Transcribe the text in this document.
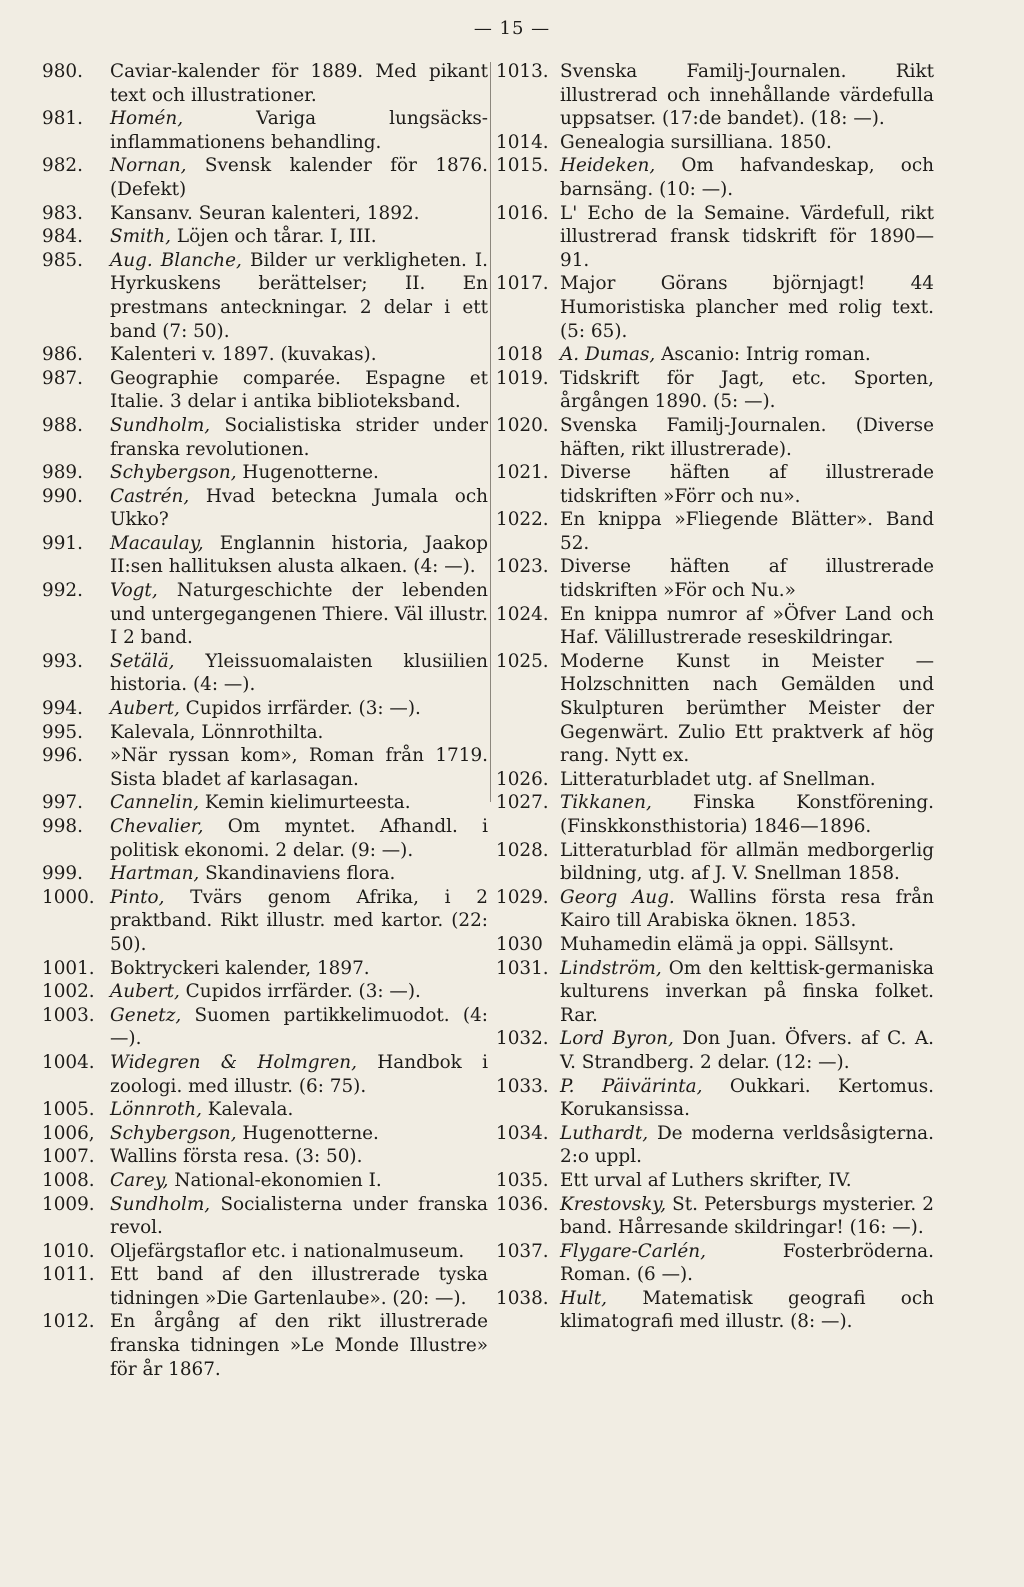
— 15 —
980.	Caviar-kalender för 1889. Med pikant text och illustrationer.
981.	Homén,	Variga lungsäcks-inflammationens behandling.
982.	Nornan, Svensk kalender för 1876. (Defekt)
983.	Kansanv. Seuran kalenteri, 1892.
984.	Smith, Löjen och tårar. I, III.
985.	Aug. Blanche, Bilder ur verkligheten. I. Hyrkuskens berättelser; II. En prestmans anteckningar. 2 delar i ett band (7: 50).
986.	Kalenteri v. 1897. (kuvakas).
987.	Geographie comparée. Espagne et Italie. 3 delar i antika biblioteksband.
988.	Sundholm, Socialistiska strider under franska revolutionen.
989.	Schybergson, Hugenotterne.
990.	Castrén, Hvad beteckna Jumala och Ukko?
991.	Macaulay, Englannin historia, Jaakop II:sen hallituksen alusta alkaen. (4: —).
992.	Vogt, Naturgeschichte der lebenden und untergegangenen Thiere. Väl illustr. I 2 band.
993.	Setälä, Yleissuomalaisten klusiilien historia. (4: —).
994.	Aubert, Cupidos irrfärder. (3: —).
995.	Kalevala, Lönnrothilta.
996.	»När ryssan kom», Roman från 1719. Sista bladet af karlasagan.
997.	Cannelin, Kemin kielimurteesta.
998.	Chevalier, Om myntet. Afhandl. i politisk ekonomi. 2 delar. (9: —).
999.	Hartman, Skandinaviens flora.
1000. Pinto, Tvärs genom Afrika, i 2 praktband. Rikt illustr. med kartor. (22: 50).
1001. Boktryckeri kalender, 1897.
1002. Aubert, Cupidos irrfärder. (3: —).
1003. Genetz, Suomen partikkelimuodot. (4: —).
1004. Widegren & Holmgren, Handbok i zoologi. med illustr. (6: 75).
1005. Lönnroth, Kalevala.
1006, Schybergson, Hugenotterne.
1007. Wallins första resa. (3: 50).
1008. Carey, National-ekonomien I.
1009. Sundholm, Socialisterna under franska revol.
1010. Oljefärgstaflor etc. i nationalmuseum.
1011. Ett band af den illustrerade tyska tidningen »Die Gartenlaube». (20: —).
1012. En årgång af den rikt illustrerade franska tidningen »Le Monde Illustre» för år 1867.
1013. Svenska Familj-Journalen. Rikt illustrerad och innehållande värdefulla uppsatser. (17:de bandet). (18: —).
1014. Genealogia sursilliana. 1850.
1015. Heideken, Om hafvandeskap, och barnsäng. (10: —).
1016. L' Echo de la Semaine. Värdefull, rikt illustrerad fransk tidskrift för 1890—91.
1017. Major Görans björnjagt! 44 Humoristiska plancher med rolig text. (5: 65).
1018 A. Dumas, Ascanio: Intrig roman.
1019. Tidskrift för Jagt, etc. Sporten, årgången 1890. (5: —).
1020. Svenska Familj-Journalen. (Diverse häften, rikt illustrerade).
1021. Diverse häften af illustrerade tidskriften »Förr och nu».
1022. En knippa »Fliegende Blätter». Band 52.
1023. Diverse häften af illustrerade tidskriften »För och Nu.»
1024. En knippa numror af »Öfver Land och Haf. Välillustrerade reseskildringar.
1025. Moderne Kunst in Meister — Holzschnitten nach Gemälden und Skulpturen berümther Meister der Gegenwärt. Zulio Ett praktverk af hög rang. Nytt ex.
1026. Litteraturbladet utg. af Snellman.
1027. Tikkanen, Finska Konstförening. (Finskkonsthistoria) 1846—1896.
1028. Litteraturblad för allmän medborgerlig bildning, utg. af J. V. Snellman 1858.
1029. Georg Aug. Wallins första resa från Kairo till Arabiska öknen. 1853.
1030 Muhamedin elämä ja oppi. Sällsynt.
1031. Lindström, Om den kelttisk-germaniska kulturens inverkan på finska folket. Rar.
1032. Lord Byron, Don Juan. Öfvers. af C. A. V. Strandberg. 2 delar. (12: —).
1033. P. Päivärinta, Oukkari. Kertomus. Korukansissa.
1034. Luthardt, De moderna verldsåsigterna. 2:o uppl.
1035. Ett urval af Luthers skrifter, IV.
1036. Krestovsky, St. Petersburgs mysterier. 2 band. Hårresande skildringar! (16: —).
1037. Flygare-Carlén,	Fosterbröderna. Roman. (6 —).
1038. Hult, Matematisk geografi och klimatografi med illustr. (8: —).
